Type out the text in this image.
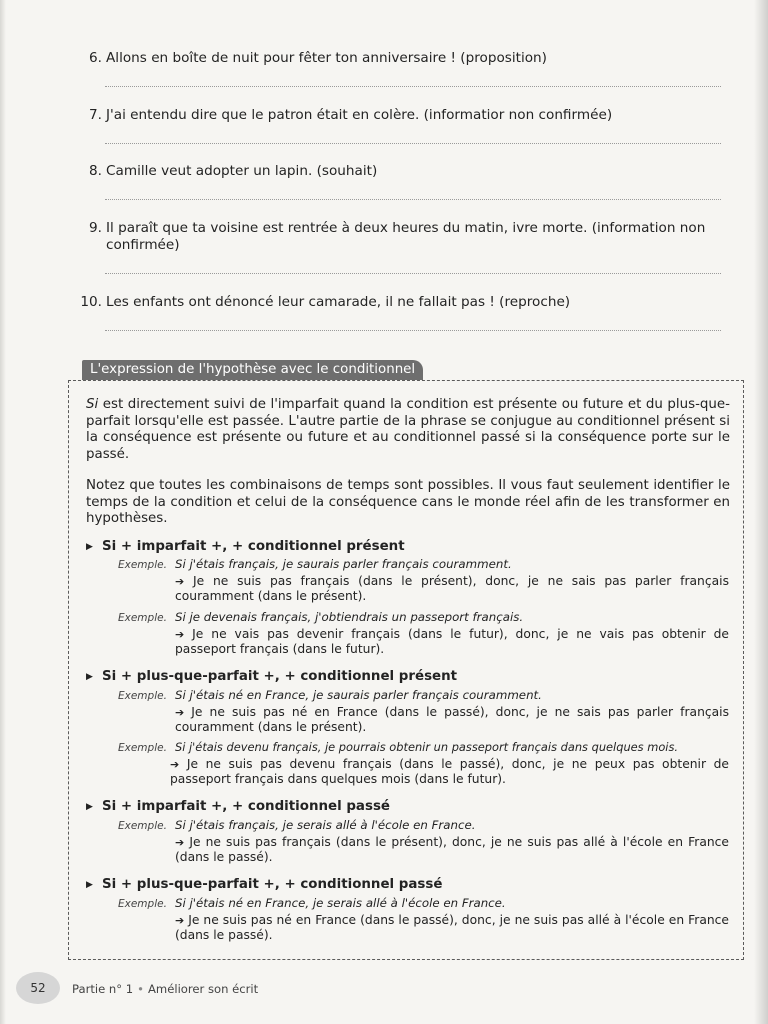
6. Allons en boîte de nuit pour fêter ton anniversaire ! (proposition)
7. J'ai entendu dire que le patron était en colère. (informatior non confirmée)
8. Camille veut adopter un lapin. (souhait)
9. Il paraît que ta voisine est rentrée à deux heures du matin, ivre morte. (information non confirmée)
10. Les enfants ont dénoncé leur camarade, il ne fallait pas ! (reproche)
L'expression de l'hypothèse avec le conditionnel
Si est directement suivi de l'imparfait quand la condition est présente ou future et du plus-que-parfait lorsqu'elle est passée. L'autre partie de la phrase se conjugue au conditionnel présent si la conséquence est présente ou future et au conditionnel passé si la conséquence porte sur le passé.
Notez que toutes les combinaisons de temps sont possibles. Il vous faut seulement identifier le temps de la condition et celui de la conséquence cans le monde réel afin de les transformer en hypothèses.
▶ Si + imparfait +, + conditionnel présent
Exemple. Si j'étais français, je saurais parler français couramment.
➔ Je ne suis pas français (dans le présent), donc, je ne sais pas parler français couramment (dans le présent).
Exemple. Si je devenais français, j'obtiendrais un passeport français.
➔ Je ne vais pas devenir français (dans le futur), donc, je ne vais pas obtenir de passeport français (dans le futur).
▶ Si + plus-que-parfait +, + conditionnel présent
Exemple. Si j'étais né en France, je saurais parler français couramment.
➔ Je ne suis pas né en France (dans le passé), donc, je ne sais pas parler français couramment (dans le présent).
Exemple. Si j'étais devenu français, je pourrais obtenir un passeport français dans quelques mois.
➔ Je ne suis pas devenu français (dans le passé), donc, je ne peux pas obtenir de passeport français dans quelques mois (dans le futur).
▶ Si + imparfait +, + conditionnel passé
Exemple. Si j'étais français, je serais allé à l'école en France.
➔ Je ne suis pas français (dans le présent), donc, je ne suis pas allé à l'école en France (dans le passé).
▶ Si + plus-que-parfait +, + conditionnel passé
Exemple. Si j'étais né en France, je serais allé à l'école en France.
➔ Je ne suis pas né en France (dans le passé), donc, je ne suis pas allé à l'école en France (dans le passé).
52	Partie n° 1 • Améliorer son écrit
